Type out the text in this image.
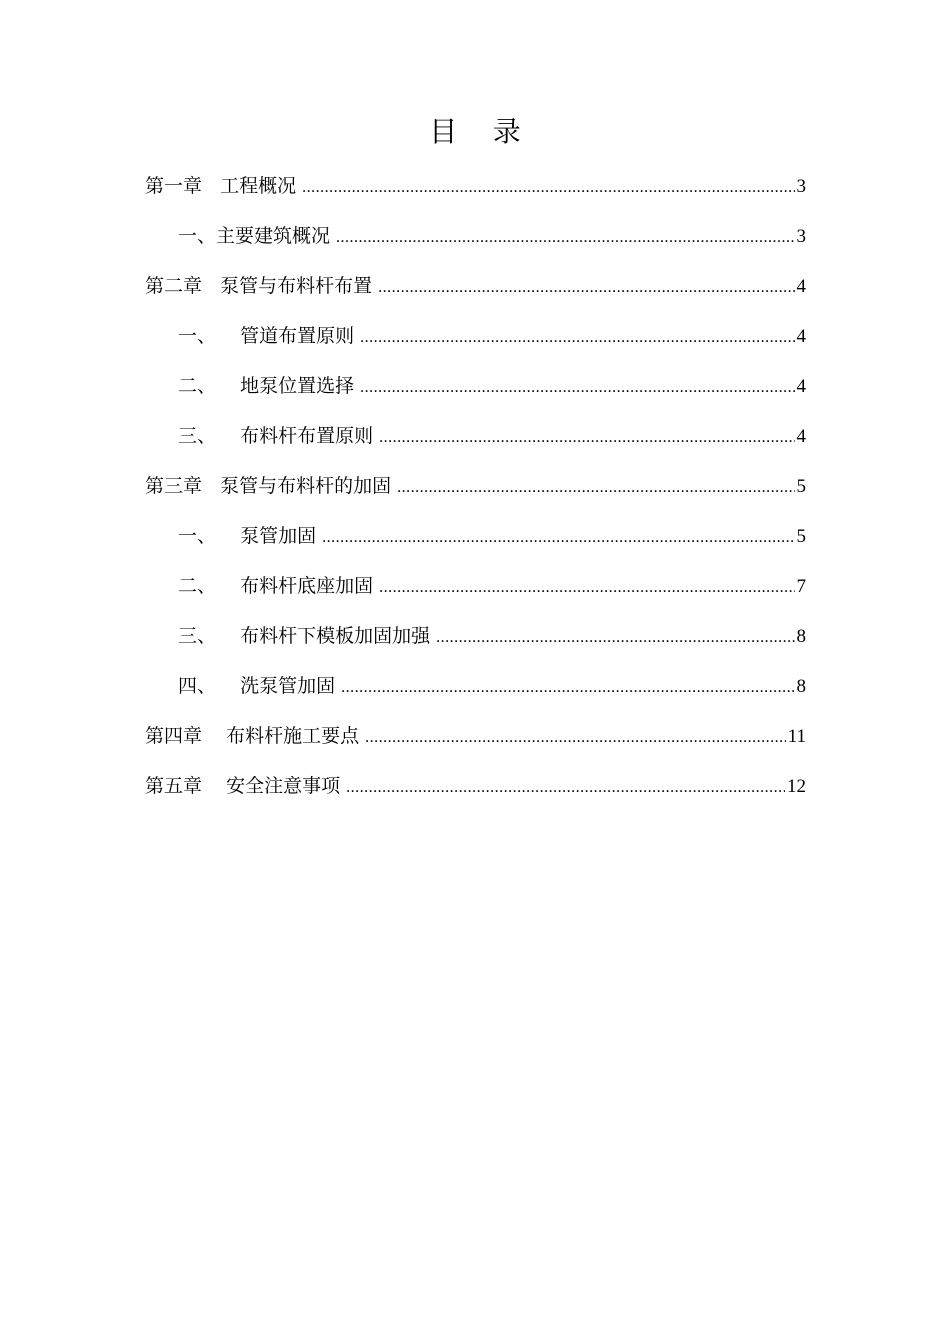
目    录
第一章   工程概况 .....	3
一、主要建筑概况 .....	3
第二章   泵管与布料杆布置 .....	4
一、    管道布置原则 .....	4
二、    地泵位置选择 .....	4
三、    布料杆布置原则 .....	4
第三章   泵管与布料杆的加固 .....	5
一、    泵管加固 .....	5
二、    布料杆底座加固 .....	7
三、    布料杆下模板加固加强 .....	8
四、    洗泵管加固 .....	8
第四章    布料杆施工要点 .....	11
第五章    安全注意事项 .....	12
